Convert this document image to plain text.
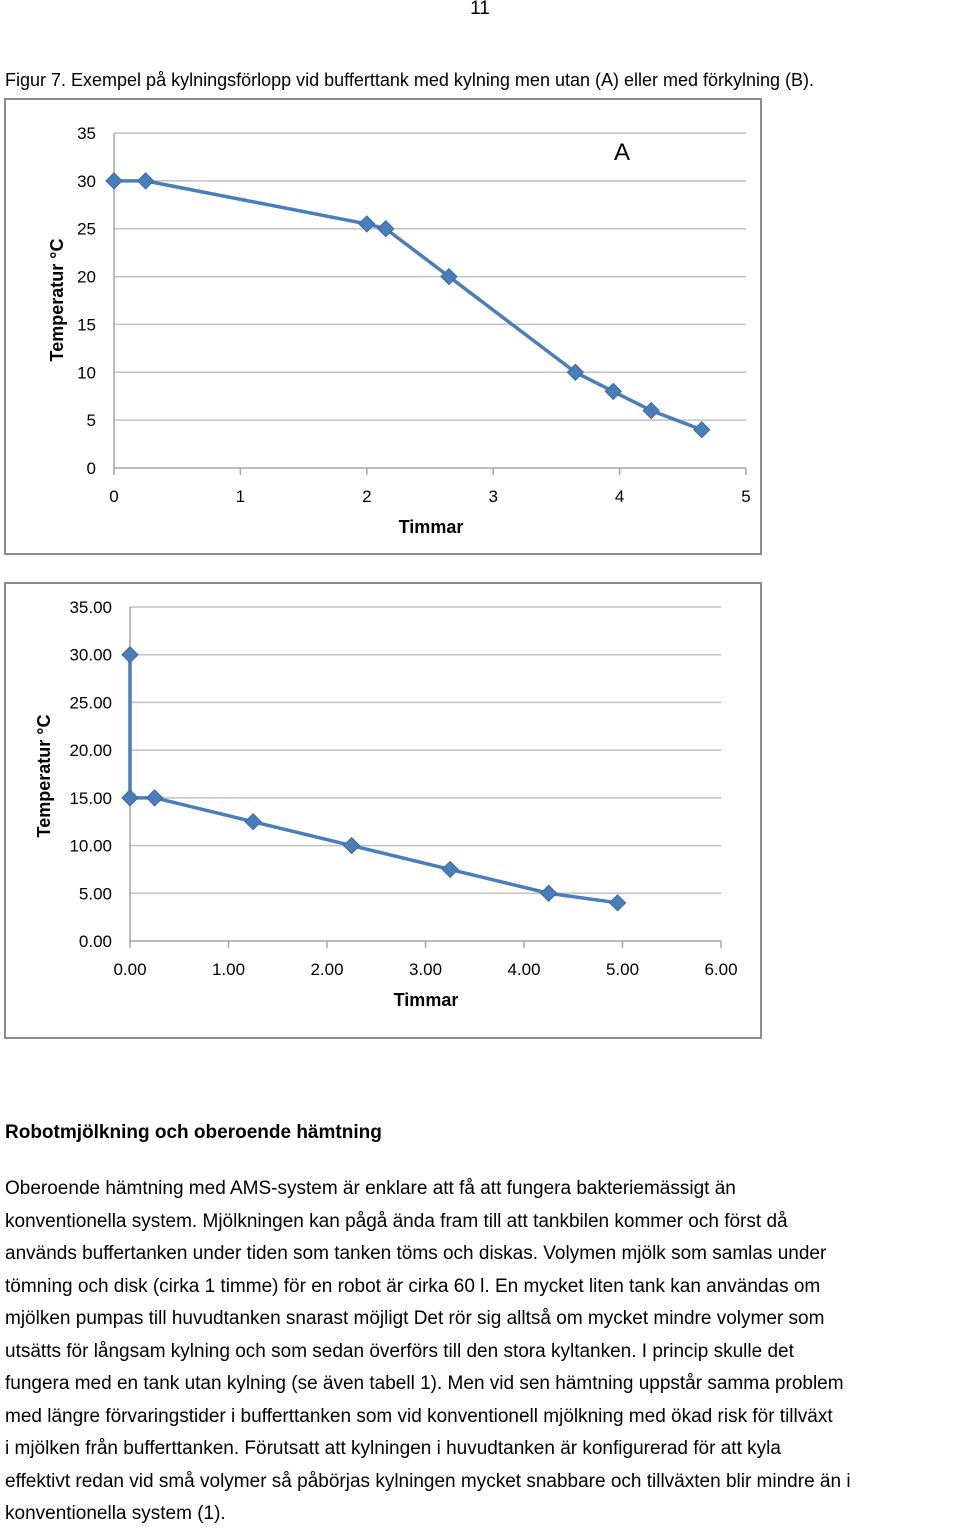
11
Figur 7. Exempel på kylningsförlopp vid bufferttank med kylning men utan (A) eller med förkylning (B).
0
5
10
15
20
25
30
35
0	1	2	3	4	5
Timmar
Temperatur °C
A
0.00
5.00
10.00
15.00
20.00
25.00
30.00
35.00
0.00	1.00	2.00	3.00	4.00	5.00	6.00
Timmar
Temperatur °C
Robotmjölkning och oberoende hämtning
Oberoende hämtning med AMS-system är enklare att få att fungera bakteriemässigt än
konventionella system. Mjölkningen kan pågå ända fram till att tankbilen kommer och först då
används buffertanken under tiden som tanken töms och diskas. Volymen mjölk som samlas under
tömning och disk (cirka 1 timme) för en robot är cirka 60 l. En mycket liten tank kan användas om
mjölken pumpas till huvudtanken snarast möjligt Det rör sig alltså om mycket mindre volymer som
utsätts för långsam kylning och som sedan överförs till den stora kyltanken. I princip skulle det
fungera med en tank utan kylning (se även tabell 1). Men vid sen hämtning uppstår samma problem
med längre förvaringstider i bufferttanken som vid konventionell mjölkning med ökad risk för tillväxt
i mjölken från bufferttanken. Förutsatt att kylningen i huvudtanken är konfigurerad för att kyla
effektivt redan vid små volymer så påbörjas kylningen mycket snabbare och tillväxten blir mindre än i
konventionella system (1).
